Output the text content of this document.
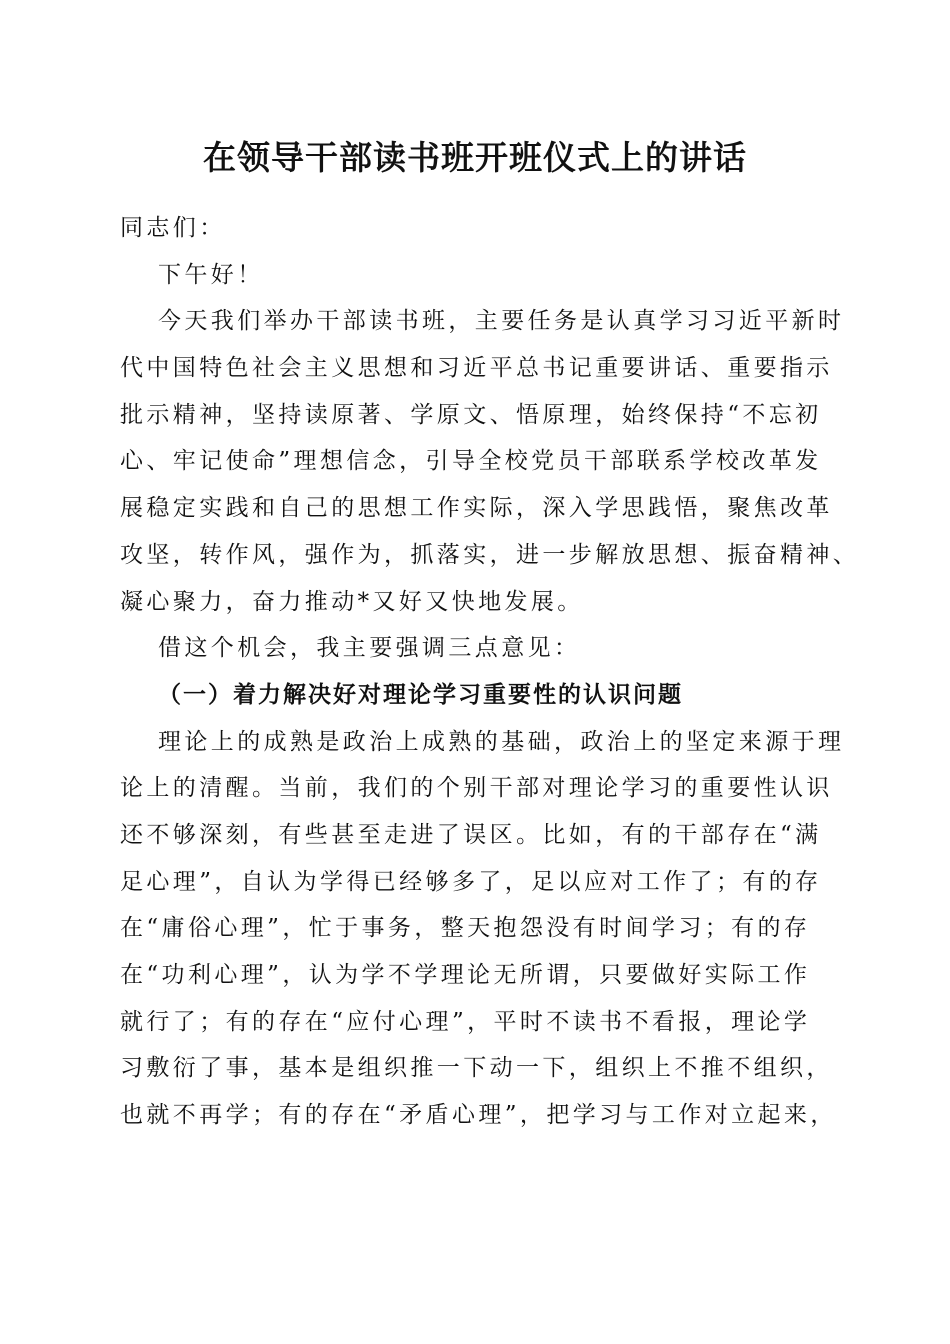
在领导干部读书班开班仪式上的讲话
同志们：
下午好！
今天我们举办干部读书班，主要任务是认真学习习近平新时
代中国特色社会主义思想和习近平总书记重要讲话、重要指示
批示精神，坚持读原著、学原文、悟原理，始终保持“不忘初
心、牢记使命”理想信念，引导全校党员干部联系学校改革发
展稳定实践和自己的思想工作实际，深入学思践悟，聚焦改革
攻坚，转作风，强作为，抓落实，进一步解放思想、振奋精神、
凝心聚力，奋力推动*又好又快地发展。
借这个机会，我主要强调三点意见：
（一）着力解决好对理论学习重要性的认识问题
理论上的成熟是政治上成熟的基础，政治上的坚定来源于理
论上的清醒。当前，我们的个别干部对理论学习的重要性认识
还不够深刻，有些甚至走进了误区。比如，有的干部存在“满
足心理”，自认为学得已经够多了，足以应对工作了；有的存
在“庸俗心理”，忙于事务，整天抱怨没有时间学习；有的存
在“功利心理”，认为学不学理论无所谓，只要做好实际工作
就行了；有的存在“应付心理”，平时不读书不看报，理论学
习敷衍了事，基本是组织推一下动一下，组织上不推不组织，
也就不再学；有的存在“矛盾心理”，把学习与工作对立起来，
